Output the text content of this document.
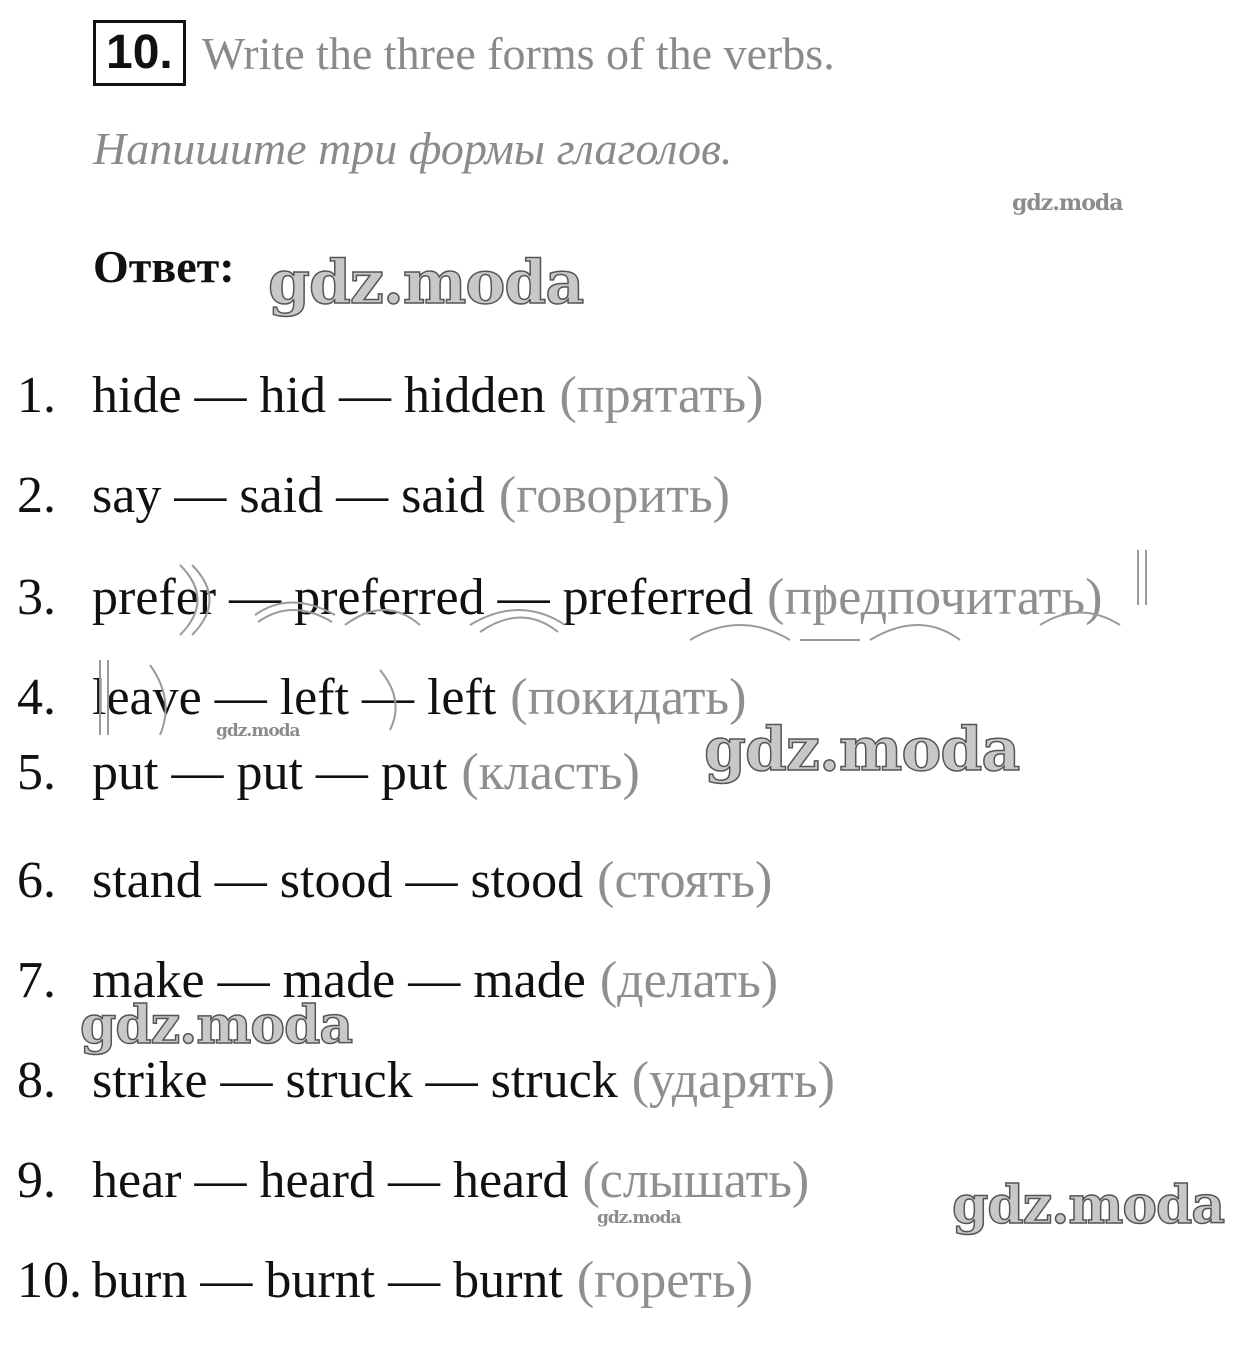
10. Write the three forms of the verbs.
Напишите три формы глаголов.
gdz.moda
Ответ: gdz.moda
1. hide — hid — hidden (прятать)
2. say — said — said (говорить)
3. prefer — preferred — preferred (предпочитать)
4. leave — left — left (покидать)
5. put — put — put (класть)
6. stand — stood — stood (стоять)
7. make — made — made (делать)
8. strike — struck — struck (ударять)
9. hear — heard — heard (слышать)
10. burn — burnt — burnt (гореть)
gdz.moda	gdz.moda
gdz.moda
gdz.moda
gdz.moda
